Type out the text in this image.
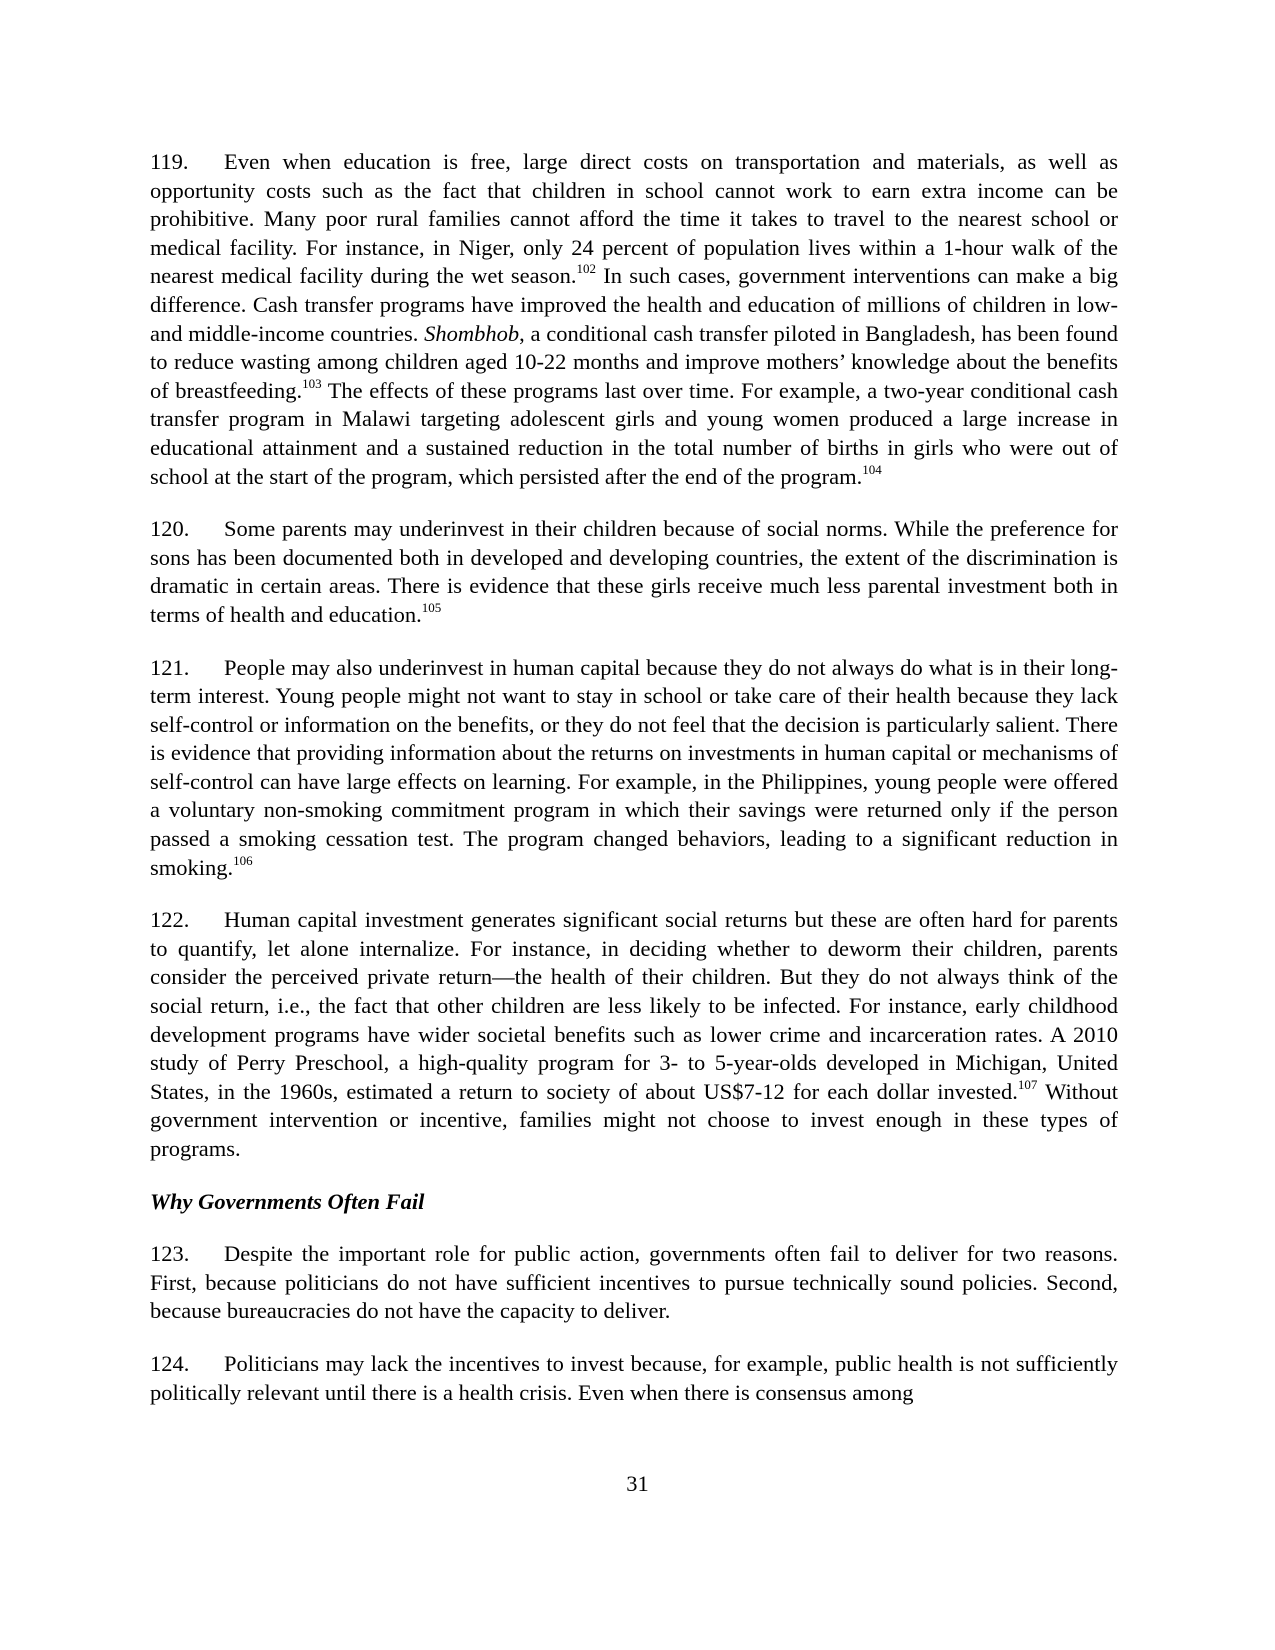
119. Even when education is free, large direct costs on transportation and materials, as well as opportunity costs such as the fact that children in school cannot work to earn extra income can be prohibitive. Many poor rural families cannot afford the time it takes to travel to the nearest school or medical facility. For instance, in Niger, only 24 percent of population lives within a 1-hour walk of the nearest medical facility during the wet season.$^{102}$ In such cases, government interventions can make a big difference. Cash transfer programs have improved the health and education of millions of children in low- and middle-income countries. Shombhob, a conditional cash transfer piloted in Bangladesh, has been found to reduce wasting among children aged 10-22 months and improve mothers’ knowledge about the benefits of breastfeeding.$^{103}$ The effects of these programs last over time. For example, a two-year conditional cash transfer program in Malawi targeting adolescent girls and young women produced a large increase in educational attainment and a sustained reduction in the total number of births in girls who were out of school at the start of the program, which persisted after the end of the program.$^{104}$

120. Some parents may underinvest in their children because of social norms. While the preference for sons has been documented both in developed and developing countries, the extent of the discrimination is dramatic in certain areas. There is evidence that these girls receive much less parental investment both in terms of health and education.$^{105}$

121. People may also underinvest in human capital because they do not always do what is in their long-term interest. Young people might not want to stay in school or take care of their health because they lack self-control or information on the benefits, or they do not feel that the decision is particularly salient. There is evidence that providing information about the returns on investments in human capital or mechanisms of self-control can have large effects on learning. For example, in the Philippines, young people were offered a voluntary non-smoking commitment program in which their savings were returned only if the person passed a smoking cessation test. The program changed behaviors, leading to a significant reduction in smoking.$^{106}$

122. Human capital investment generates significant social returns but these are often hard for parents to quantify, let alone internalize. For instance, in deciding whether to deworm their children, parents consider the perceived private return—the health of their children. But they do not always think of the social return, i.e., the fact that other children are less likely to be infected. For instance, early childhood development programs have wider societal benefits such as lower crime and incarceration rates. A 2010 study of Perry Preschool, a high-quality program for 3- to 5-year-olds developed in Michigan, United States, in the 1960s, estimated a return to society of about US$7-12 for each dollar invested.$^{107}$ Without government intervention or incentive, families might not choose to invest enough in these types of programs.

Why Governments Often Fail

123. Despite the important role for public action, governments often fail to deliver for two reasons. First, because politicians do not have sufficient incentives to pursue technically sound policies. Second, because bureaucracies do not have the capacity to deliver.

124. Politicians may lack the incentives to invest because, for example, public health is not sufficiently politically relevant until there is a health crisis. Even when there is consensus among

31
